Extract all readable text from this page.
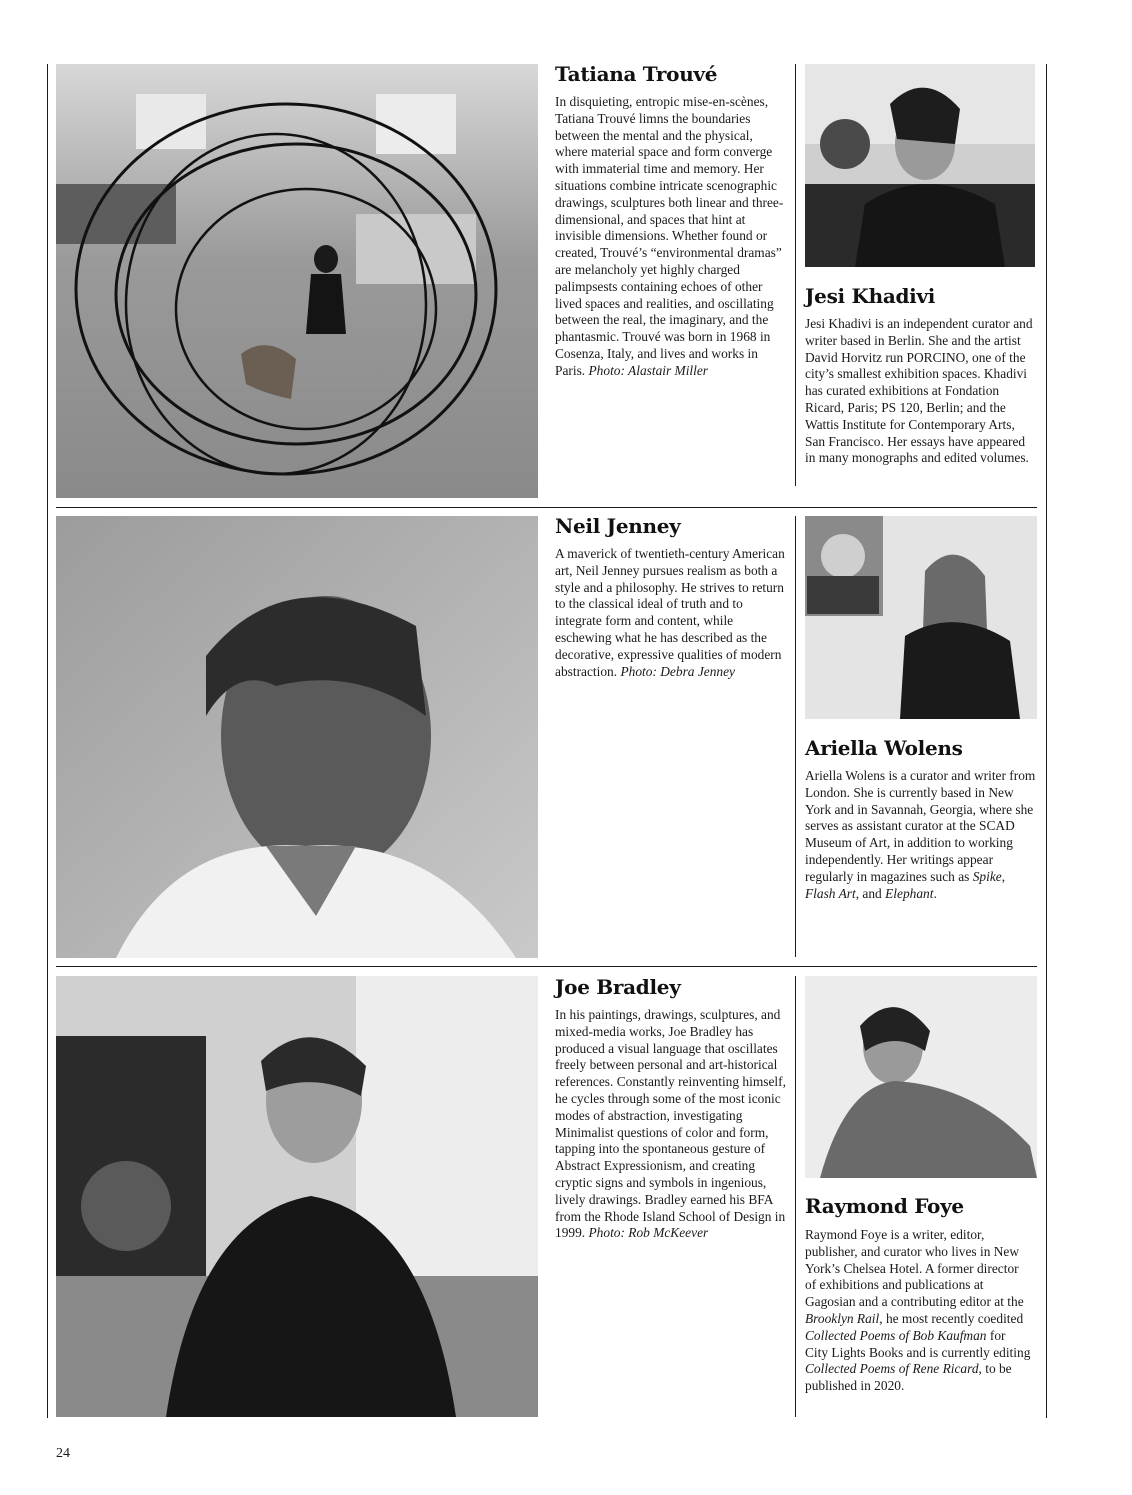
Tatiana Trouvé

In disquieting, entropic mise-en-scènes, Tatiana Trouvé limns the boundaries between the mental and the physical, where material space and form converge with immaterial time and memory. Her situations combine intricate scenographic drawings, sculptures both linear and three-dimensional, and spaces that hint at invisible dimensions. Whether found or created, Trouvé’s “environmental dramas” are melancholy yet highly charged palimpsests containing echoes of other lived spaces and realities, and oscillating between the real, the imaginary, and the phantasmic. Trouvé was born in 1968 in Cosenza, Italy, and lives and works in Paris. Photo: Alastair Miller

Jesi Khadivi

Jesi Khadivi is an independent curator and writer based in Berlin. She and the artist David Horvitz run PORCINO, one of the city’s smallest exhibition spaces. Khadivi has curated exhibitions at Fondation Ricard, Paris; PS 120, Berlin; and the Wattis Institute for Contemporary Arts, San Francisco. Her essays have appeared in many monographs and edited volumes.

Neil Jenney

A maverick of twentieth-century American art, Neil Jenney pursues realism as both a style and a philosophy. He strives to return to the classical ideal of truth and to integrate form and content, while eschewing what he has described as the decorative, expressive qualities of modern abstraction. Photo: Debra Jenney

Ariella Wolens

Ariella Wolens is a curator and writer from London. She is currently based in New York and in Savannah, Georgia, where she serves as assistant curator at the SCAD Museum of Art, in addition to working independently. Her writings appear regularly in magazines such as Spike, Flash Art, and Elephant.

Joe Bradley

In his paintings, drawings, sculptures, and mixed-media works, Joe Bradley has produced a visual language that oscillates freely between personal and art-historical references. Constantly reinventing himself, he cycles through some of the most iconic modes of abstraction, investigating Minimalist questions of color and form, tapping into the spontaneous gesture of Abstract Expressionism, and creating cryptic signs and symbols in ingenious, lively drawings. Bradley earned his BFA from the Rhode Island School of Design in 1999. Photo: Rob McKeever

Raymond Foye

Raymond Foye is a writer, editor, publisher, and curator who lives in New York’s Chelsea Hotel. A former director of exhibitions and publications at Gagosian and a contributing editor at the Brooklyn Rail, he most recently coedited Collected Poems of Bob Kaufman for City Lights Books and is currently editing Collected Poems of Rene Ricard, to be published in 2020.

24
